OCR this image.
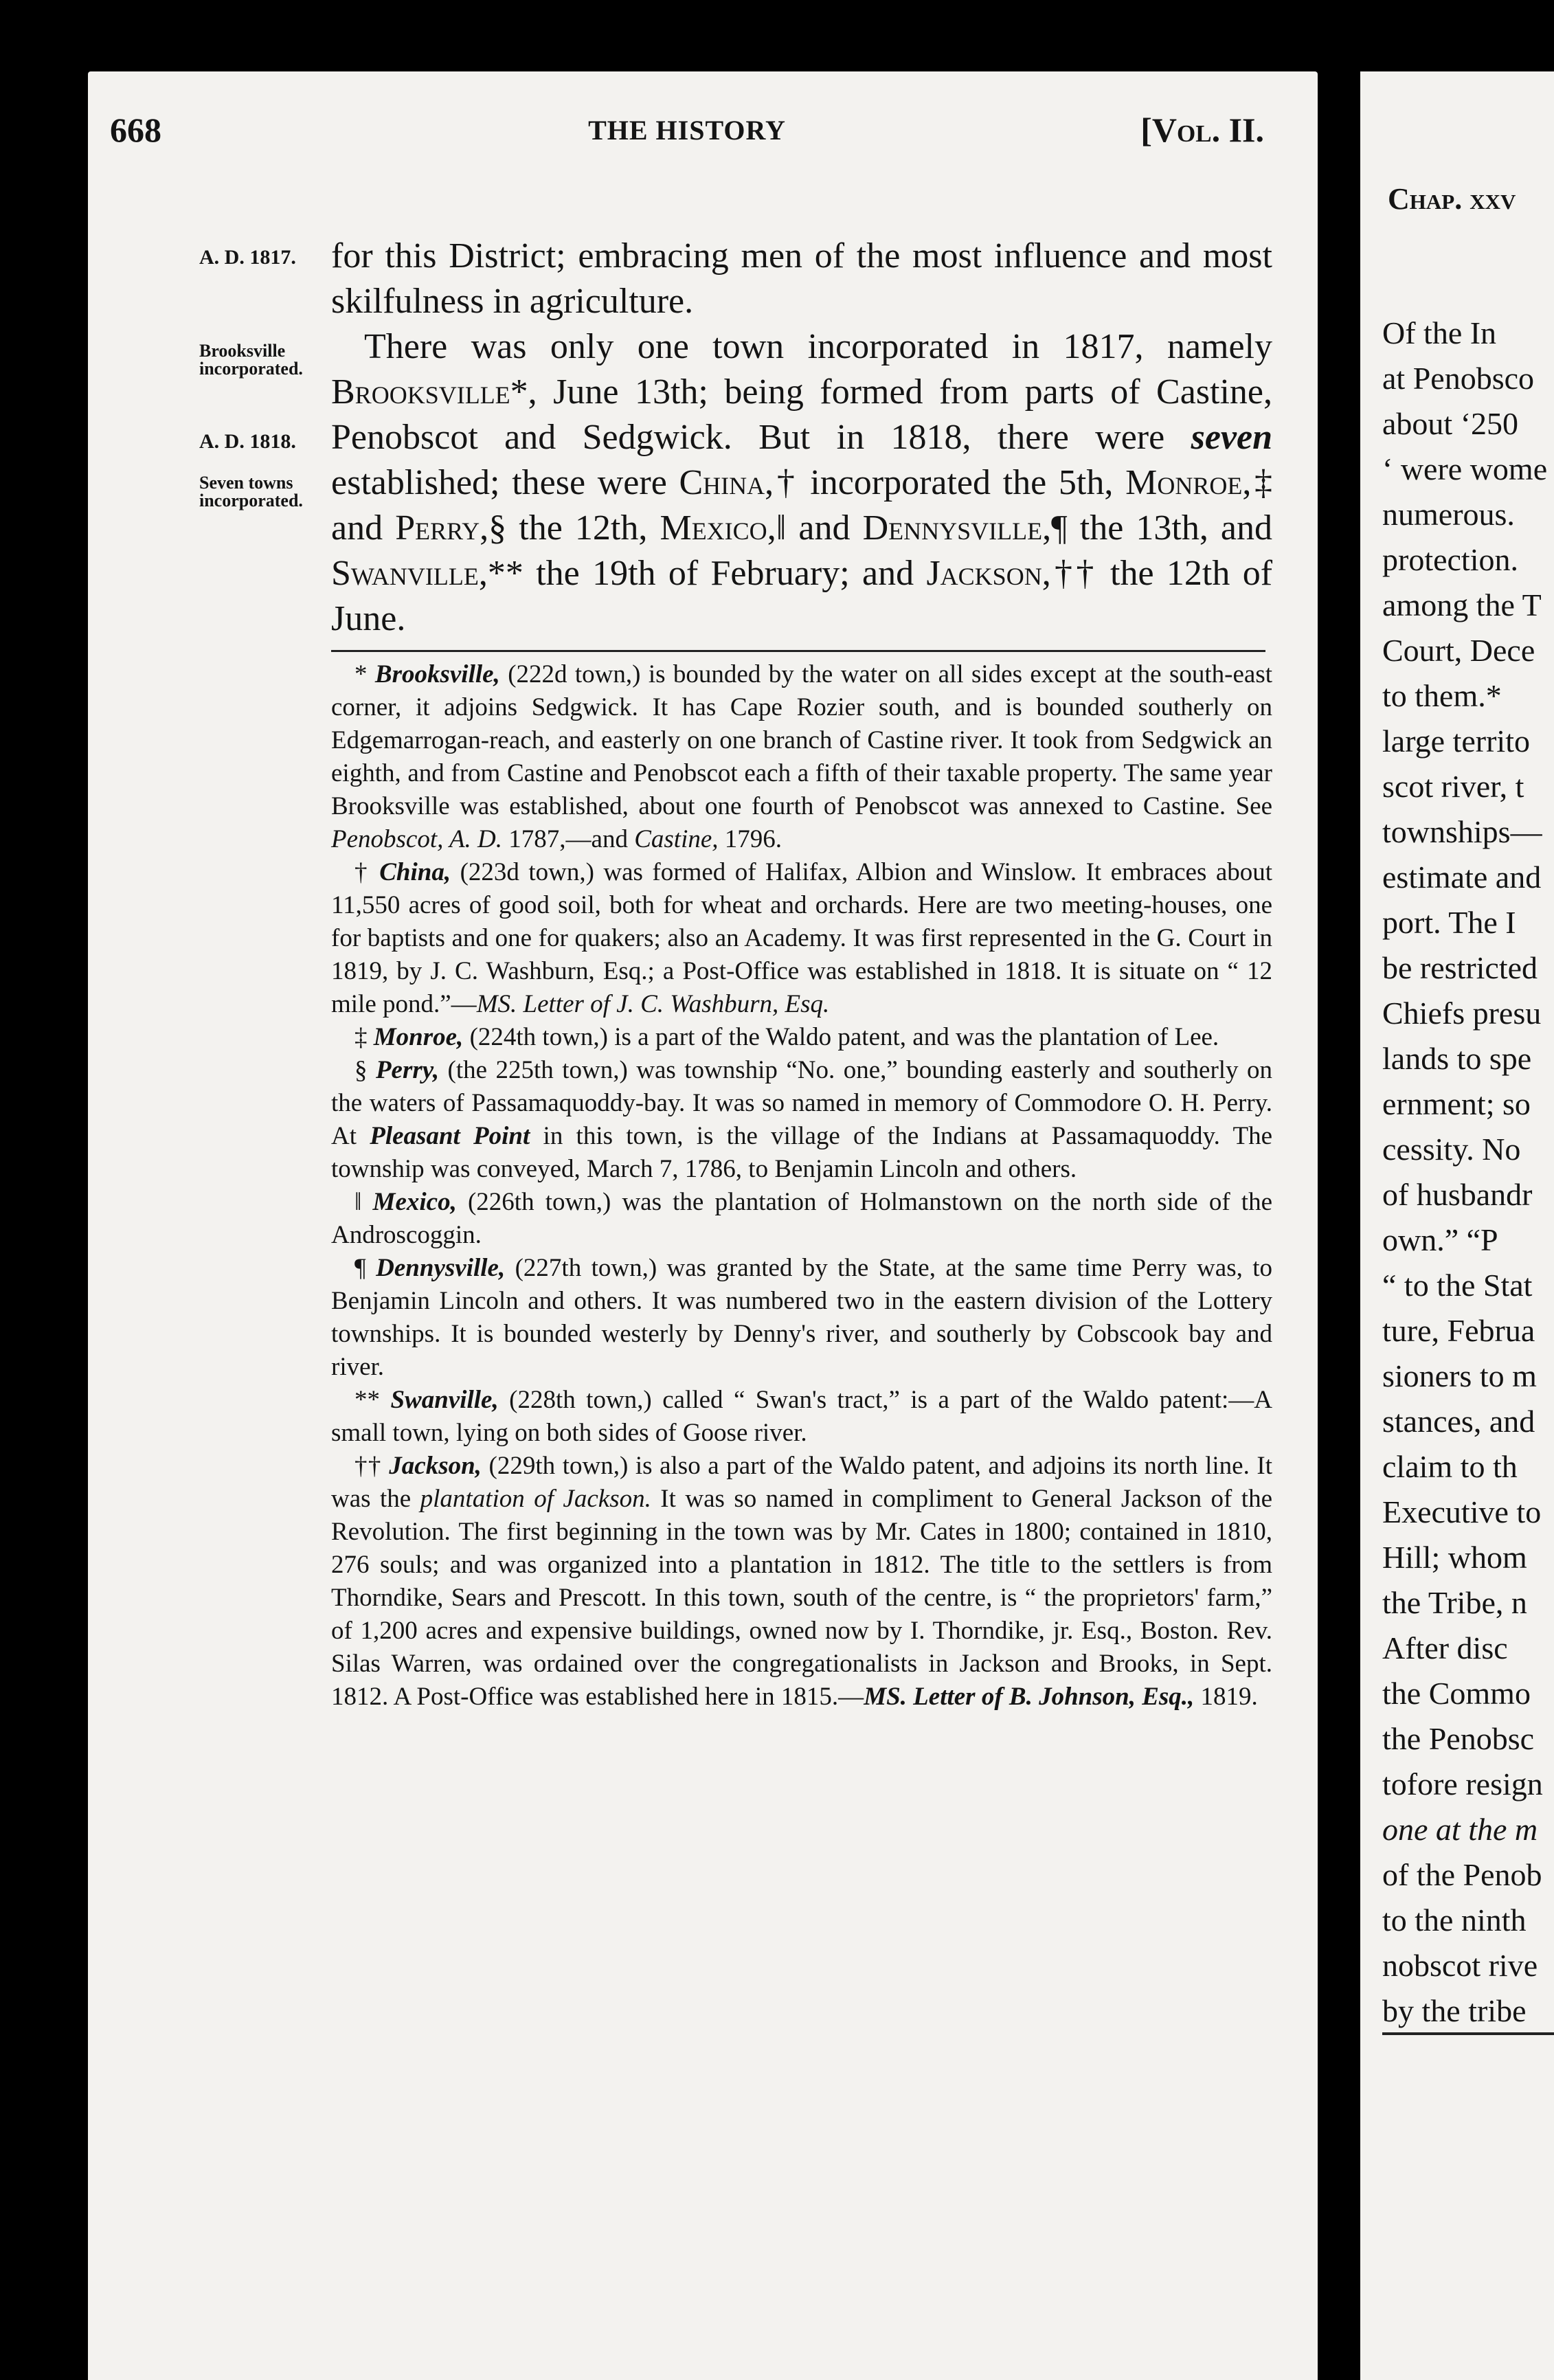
668	THE HISTORY	[Vol. II.
A. D. 1817.
Brooksville incorporated.
A. D. 1818.
Seven towns incorporated.

for this District; embracing men of the most influence and most skilfulness in agriculture.

There was only one town incorporated in 1817, namely Brooksville*, June 13th; being formed from parts of Castine, Penobscot and Sedgwick. But in 1818, there were seven established; these were China,† incorporated the 5th, Monroe,‡ and Perry,§ the 12th, Mexico,‖ and Dennysville,¶ the 13th, and Swanville,** the 19th of February; and Jackson,†† the 12th of June.

* Brooksville, (222d town,) is bounded by the water on all sides except at the south-east corner, it adjoins Sedgwick. It has Cape Rozier south, and is bounded southerly on Edgemarrogan-reach, and easterly on one branch of Castine river. It took from Sedgwick an eighth, and from Castine and Penobscot each a fifth of their taxable property. The same year Brooksville was established, about one fourth of Penobscot was annexed to Castine. See Penobscot, A. D. 1787,—and Castine, 1796.

† China, (223d town,) was formed of Halifax, Albion and Winslow. It embraces about 11,550 acres of good soil, both for wheat and orchards. Here are two meeting-houses, one for baptists and one for quakers; also an Academy. It was first represented in the G. Court in 1819, by J. C. Washburn, Esq.; a Post-Office was established in 1818. It is situate on “ 12 mile pond.”—MS. Letter of J. C. Washburn, Esq.

‡ Monroe, (224th town,) is a part of the Waldo patent, and was the plantation of Lee.

§ Perry, (the 225th town,) was township “No. one,” bounding easterly and southerly on the waters of Passamaquoddy-bay. It was so named in memory of Commodore O. H. Perry. At Pleasant Point in this town, is the village of the Indians at Passamaquoddy. The township was conveyed, March 7, 1786, to Benjamin Lincoln and others.

‖ Mexico, (226th town,) was the plantation of Holmanstown on the north side of the Androscoggin.

¶ Dennysville, (227th town,) was granted by the State, at the same time Perry was, to Benjamin Lincoln and others. It was numbered two in the eastern division of the Lottery townships. It is bounded westerly by Denny's river, and southerly by Cobscook bay and river.

** Swanville, (228th town,) called “ Swan's tract,” is a part of the Waldo patent:—A small town, lying on both sides of Goose river.

†† Jackson, (229th town,) is also a part of the Waldo patent, and adjoins its north line. It was the plantation of Jackson. It was so named in compliment to General Jackson of the Revolution. The first beginning in the town was by Mr. Cates in 1800; contained in 1810, 276 souls; and was organized into a plantation in 1812. The title to the settlers is from Thorndike, Sears and Prescott. In this town, south of the centre, is “ the proprietors' farm,” of 1,200 acres and expensive buildings, owned now by I. Thorndike, jr. Esq., Boston. Rev. Silas Warren, was ordained over the congregationalists in Jackson and Brooks, in Sept. 1812. A Post-Office was established here in 1815.—MS. Letter of B. Johnson, Esq., 1819.

Chap. xxv
Of the In
at Penobsco
about ‘250
‘ were wome
numerous.
protection.
among the T
Court, Dece
to them.*
large territo
scot river, t
townships—
estimate and
port. The I
be restricted
Chiefs presu
lands to spe
ernment; so
cessity. No
of husbandr
own.” “P
“ to the Stat
ture, Februa
sioners to m
stances, and
claim to th
Executive to
Hill; whom
the Tribe, n
After disc
the Commo
the Penobsc
tofore resign
one at the m
of the Penob
to the ninth
nobscot rive
by the tribe
